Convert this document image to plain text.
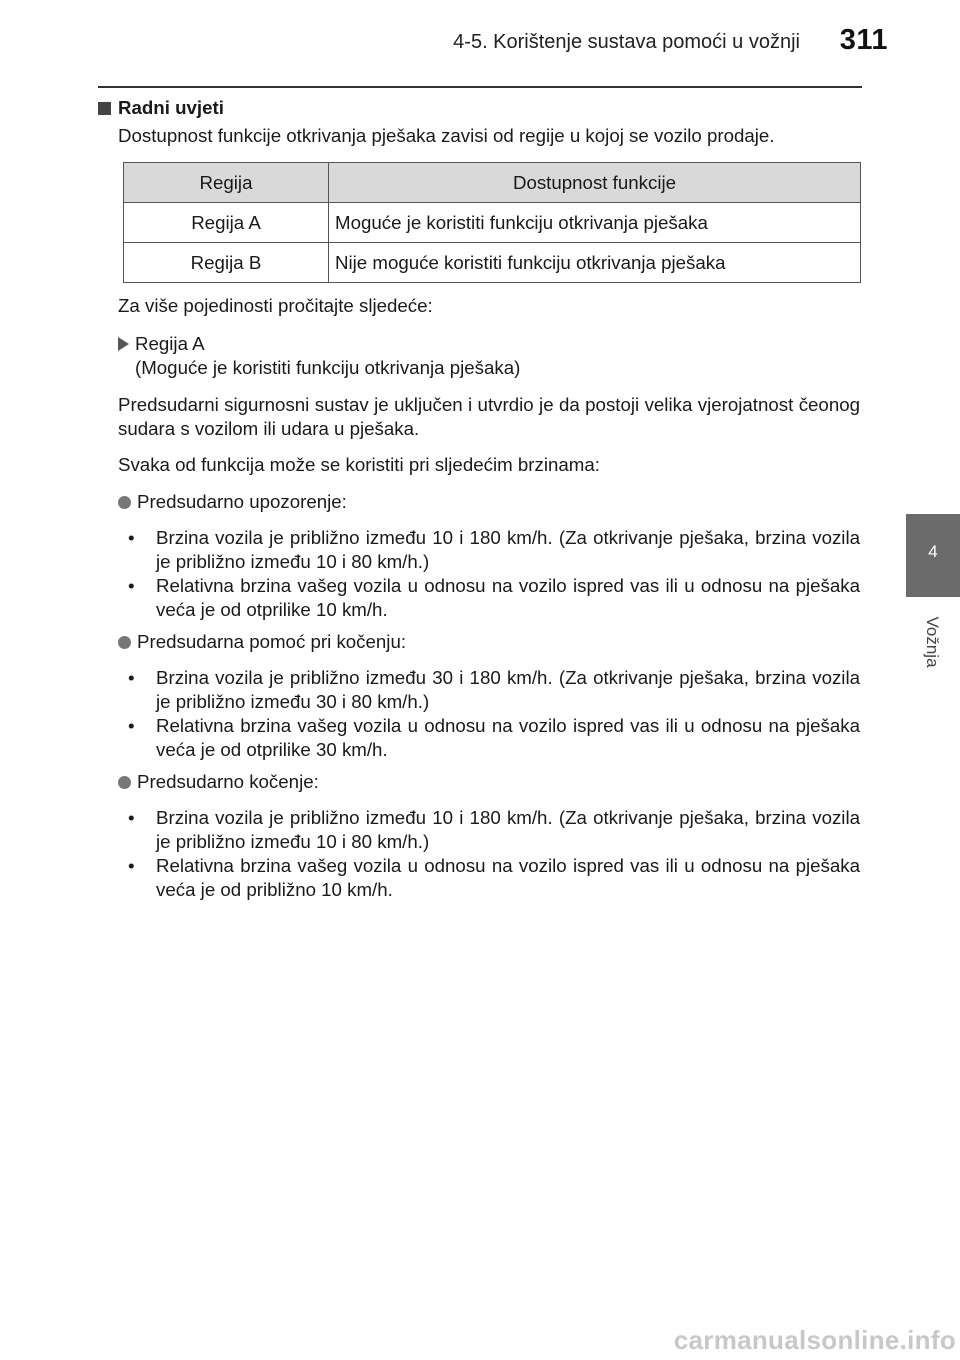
4-5. Korištenje sustava pomoći u vožnji 311
4
Vožnja
Radni uvjeti

Dostupnost funkcije otkrivanja pješaka zavisi od regije u kojoj se vozilo prodaje.

Regija	Dostupnost funkcije
Regija A	Moguće je koristiti funkciju otkrivanja pješaka
Regija B	Nije moguće koristiti funkciju otkrivanja pješaka

Za više pojedinosti pročitajte sljedeće:

Regija A
(Moguće je koristiti funkciju otkrivanja pješaka)

Predsudarni sigurnosni sustav je uključen i utvrdio je da postoji velika vjerojatnost čeonog sudara s vozilom ili udara u pješaka.

Svaka od funkcija može se koristiti pri sljedećim brzinama:

Predsudarno upozorenje:
•	Brzina vozila je približno između 10 i 180 km/h. (Za otkrivanje pješaka, brzina vozila je približno između 10 i 80 km/h.)
•	Relativna brzina vašeg vozila u odnosu na vozilo ispred vas ili u odnosu na pješaka veća je od otprilike 10 km/h.
Predsudarna pomoć pri kočenju:
•	Brzina vozila je približno između 30 i 180 km/h. (Za otkrivanje pješaka, brzina vozila je približno između 30 i 80 km/h.)
•	Relativna brzina vašeg vozila u odnosu na vozilo ispred vas ili u odnosu na pješaka veća je od otprilike 30 km/h.
Predsudarno kočenje:
•	Brzina vozila je približno između 10 i 180 km/h. (Za otkrivanje pješaka, brzina vozila je približno između 10 i 80 km/h.)
•	Relativna brzina vašeg vozila u odnosu na vozilo ispred vas ili u odnosu na pješaka veća je od približno 10 km/h.
carmanualsonline.info
